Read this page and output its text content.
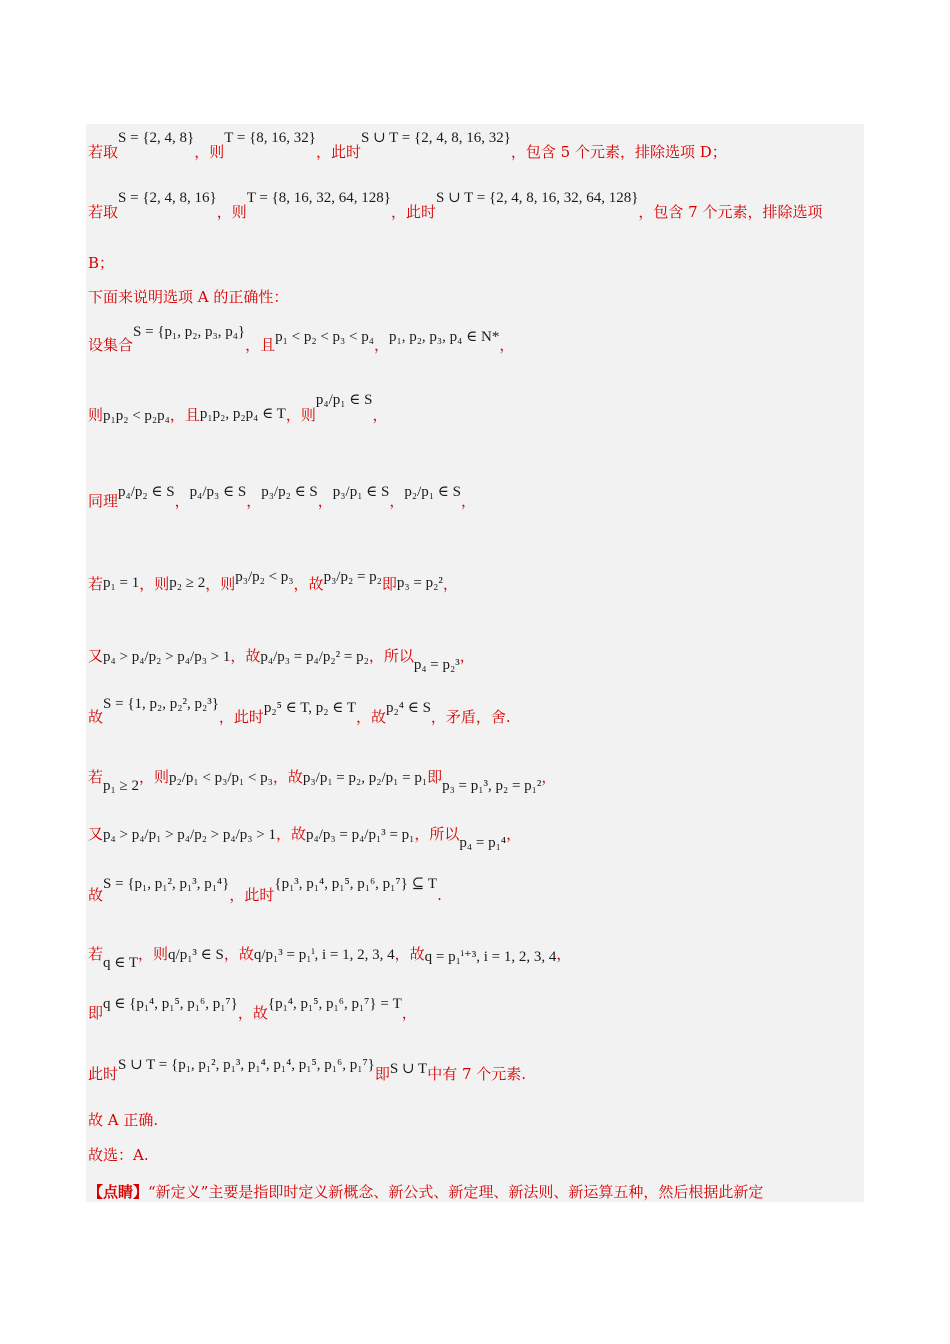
若取S = {2, 4, 8}，则T = {8, 16, 32}，此时S ∪ T = {2, 4, 8, 16, 32}，包含 5 个元素，排除选项 D；
若取S = {2, 4, 8, 16}，则T = {8, 16, 32, 64, 128}，此时S ∪ T = {2, 4, 8, 16, 32, 64, 128}，包含 7 个元素，排除选项
B；
下面来说明选项 A 的正确性：
设集合S = {p₁, p₂, p₃, p₄}，且p₁ < p₂ < p₃ < p₄，p₁, p₂, p₃, p₄ ∈ N*，
则p₁p₂ < p₂p₄，且p₁p₂, p₂p₄ ∈ T，则p₄/p₁ ∈ S，
同理p₄/p₂ ∈ S，p₄/p₃ ∈ S，p₃/p₂ ∈ S，p₃/p₁ ∈ S，p₂/p₁ ∈ S，
若p₁ = 1，则p₂ ≥ 2，则p₃/p₂ < p₃，故p₃/p₂ = p₂即p₃ = p₂²，
又p₄ > p₄/p₂ > p₄/p₃ > 1，故p₄/p₃ = p₄/p₂² = p₂，所以p₄ = p₂³，
故S = {1, p₂, p₂², p₂³}，此时p₂⁵ ∈ T, p₂ ∈ T，故p₂⁴ ∈ S，矛盾，舍.
若p₁ ≥ 2，则p₂/p₁ < p₃/p₁ < p₃，故p₃/p₁ = p₂, p₂/p₁ = p₁即p₃ = p₁³, p₂ = p₁²，
又p₄ > p₄/p₁ > p₄/p₂ > p₄/p₃ > 1，故p₄/p₃ = p₄/p₁³ = p₁，所以p₄ = p₁⁴，
故S = {p₁, p₁², p₁³, p₁⁴}，此时{p₁³, p₁⁴, p₁⁵, p₁⁶, p₁⁷} ⊆ T.
若q ∈ T，则q/p₁³ ∈ S，故q/p₁³ = p₁ⁱ, i = 1, 2, 3, 4，故q = p₁ⁱ⁺³, i = 1, 2, 3, 4，
即q ∈ {p₁⁴, p₁⁵, p₁⁶, p₁⁷}，故{p₁⁴, p₁⁵, p₁⁶, p₁⁷} = T，
此时S ∪ T = {p₁, p₁², p₁³, p₁⁴, p₁⁴, p₁⁵, p₁⁶, p₁⁷}即S ∪ T中有 7 个元素.
故 A 正确.
故选：A.
【点睛】“新定义”主要是指即时定义新概念、新公式、新定理、新法则、新运算五种，然后根据此新定
